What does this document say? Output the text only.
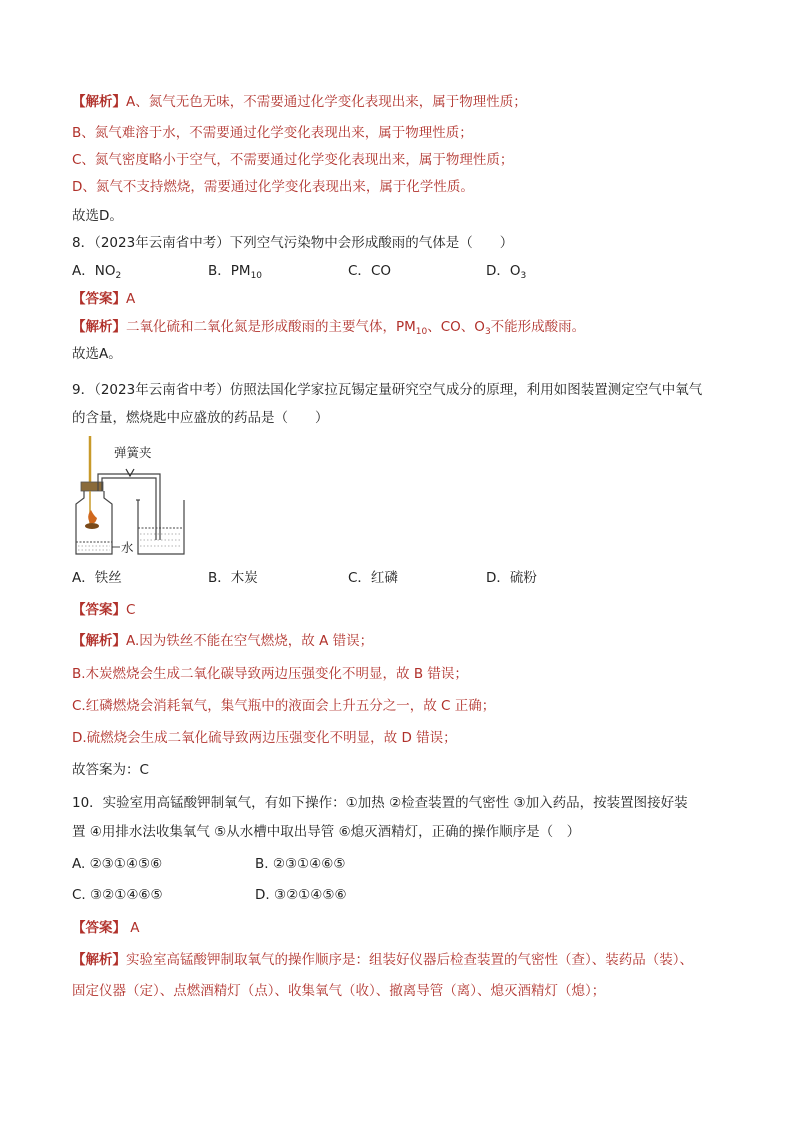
【解析】A、氮气无色无味，不需要通过化学变化表现出来，属于物理性质；
B、氮气难溶于水，不需要通过化学变化表现出来，属于物理性质；
C、氮气密度略小于空气，不需要通过化学变化表现出来，属于物理性质；
D、氮气不支持燃烧，需要通过化学变化表现出来，属于化学性质。
故选D。
8．（2023年云南省中考）下列空气污染物中会形成酸雨的气体是（　　）
A．$NO_2$	B．$PM_{10}$	C．CO	D．$O_3$
【答案】A
【解析】二氧化硫和二氧化氮是形成酸雨的主要气体，$PM_{10}$、CO、$O_3$不能形成酸雨。
故选A。
9．（2023年云南省中考）仿照法国化学家拉瓦锡定量研究空气成分的原理，利用如图装置测定空气中氧气
的含量，燃烧匙中应盛放的药品是（　　）
弹簧夹
水
A．铁丝	B．木炭	C．红磷	D．硫粉
【答案】C
【解析】A.因为铁丝不能在空气燃烧，故 A 错误；
B.木炭燃烧会生成二氧化碳导致两边压强变化不明显，故 B 错误；
C.红磷燃烧会消耗氧气，集气瓶中的液面会上升五分之一，故 C 正确；
D.硫燃烧会生成二氧化硫导致两边压强变化不明显，故 D 错误；
故答案为：C
10．实验室用高锰酸钾制氧气，有如下操作：①加热 ②检查装置的气密性 ③加入药品，按装置图接好装
置 ④用排水法收集氧气 ⑤从水槽中取出导管 ⑥熄灭酒精灯，正确的操作顺序是（　）
A. ②③①④⑤⑥	B. ②③①④⑥⑤
C. ③②①④⑥⑤	D. ③②①④⑤⑥
【答案】 A
【解析】实验室高锰酸钾制取氧气的操作顺序是：组装好仪器后检查装置的气密性（查）、装药品（装）、
固定仪器（定）、点燃酒精灯（点）、收集氧气（收）、撤离导管（离）、熄灭酒精灯（熄）；
